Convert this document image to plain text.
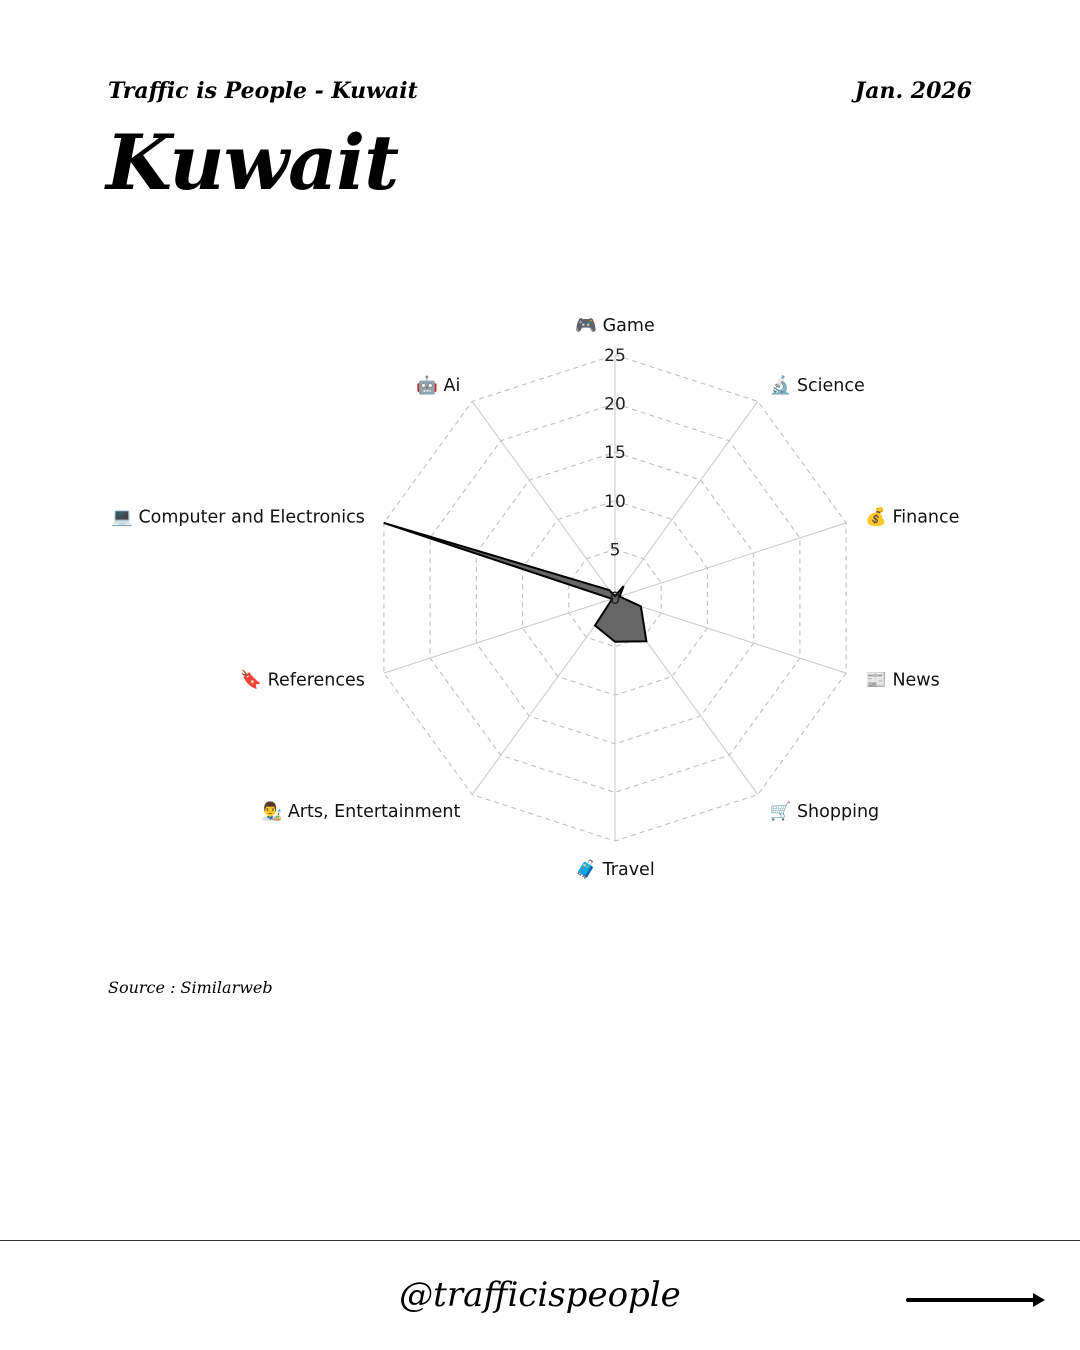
Traffic is People - Kuwait	Jan. 2026
Kuwait
0
5
10
15
20
25
🎮 Game
🔬 Science
💰 Finance
📰 News
🛒 Shopping
🧳 Travel
👨‍🎨 Arts, Entertainment
🔖 References
💻 Computer and Electronics
🤖 Ai
Source : Similarweb
@trafficispeople
